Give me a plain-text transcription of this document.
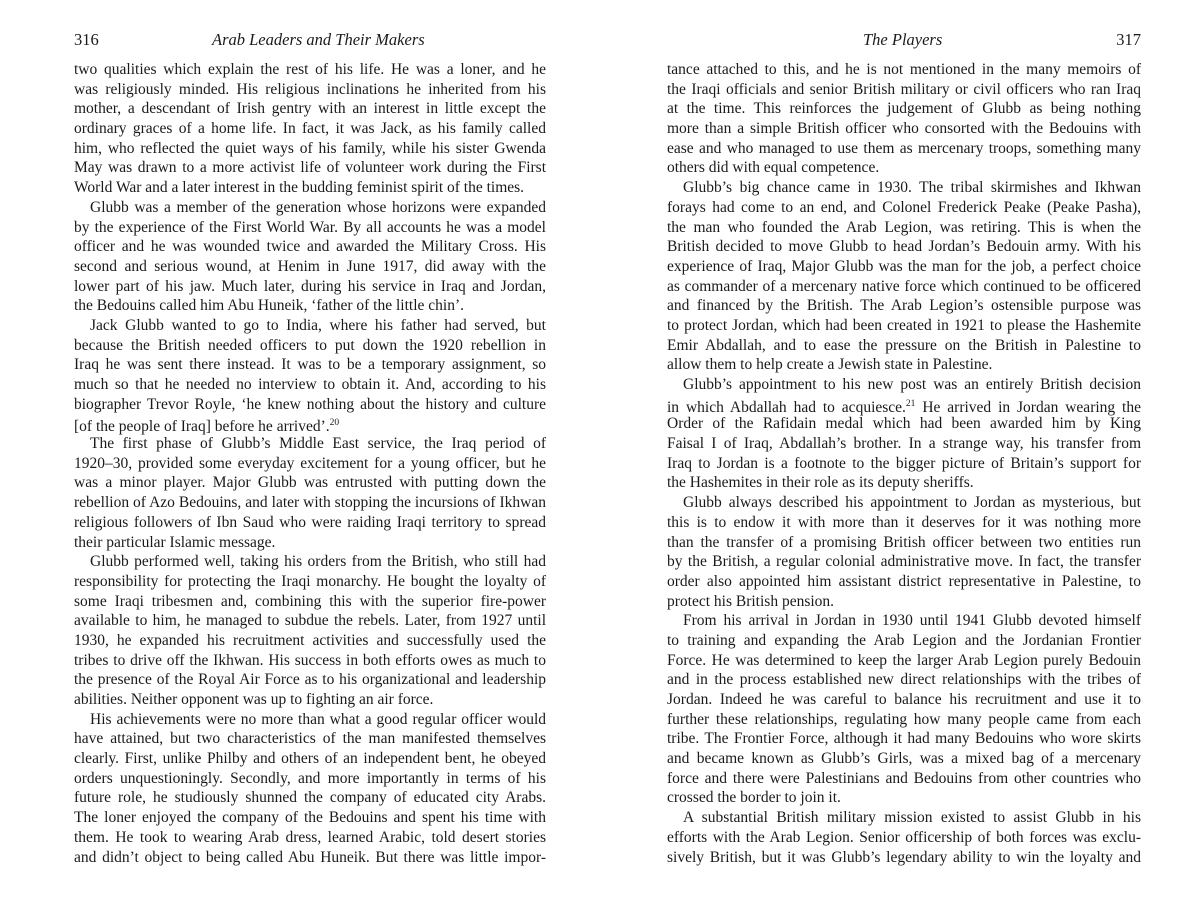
316	Arab Leaders and Their Makers
two qualities which explain the rest of his life. He was a loner, and he
was religiously minded. His religious inclinations he inherited from his
mother, a descendant of Irish gentry with an interest in little except the
ordinary graces of a home life. In fact, it was Jack, as his family called
him, who reflected the quiet ways of his family, while his sister Gwenda
May was drawn to a more activist life of volunteer work during the First
World War and a later interest in the budding feminist spirit of the times.
Glubb was a member of the generation whose horizons were expanded
by the experience of the First World War. By all accounts he was a model
officer and he was wounded twice and awarded the Military Cross. His
second and serious wound, at Henim in June 1917, did away with the
lower part of his jaw. Much later, during his service in Iraq and Jordan,
the Bedouins called him Abu Huneik, ‘father of the little chin’.
Jack Glubb wanted to go to India, where his father had served, but
because the British needed officers to put down the 1920 rebellion in
Iraq he was sent there instead. It was to be a temporary assignment, so
much so that he needed no interview to obtain it. And, according to his
biographer Trevor Royle, ‘he knew nothing about the history and culture
[of the people of Iraq] before he arrived’.$^{20}$
The first phase of Glubb’s Middle East service, the Iraq period of
1920–30, provided some everyday excitement for a young officer, but he
was a minor player. Major Glubb was entrusted with putting down the
rebellion of Azo Bedouins, and later with stopping the incursions of Ikhwan
religious followers of Ibn Saud who were raiding Iraqi territory to spread
their particular Islamic message.
Glubb performed well, taking his orders from the British, who still had
responsibility for protecting the Iraqi monarchy. He bought the loyalty of
some Iraqi tribesmen and, combining this with the superior fire-power
available to him, he managed to subdue the rebels. Later, from 1927 until
1930, he expanded his recruitment activities and successfully used the
tribes to drive off the Ikhwan. His success in both efforts owes as much to
the presence of the Royal Air Force as to his organizational and leadership
abilities. Neither opponent was up to fighting an air force.
His achievements were no more than what a good regular officer would
have attained, but two characteristics of the man manifested themselves
clearly. First, unlike Philby and others of an independent bent, he obeyed
orders unquestioningly. Secondly, and more importantly in terms of his
future role, he studiously shunned the company of educated city Arabs.
The loner enjoyed the company of the Bedouins and spent his time with
them. He took to wearing Arab dress, learned Arabic, told desert stories
and didn’t object to being called Abu Huneik. But there was little impor-
The Players	317
tance attached to this, and he is not mentioned in the many memoirs of
the Iraqi officials and senior British military or civil officers who ran Iraq
at the time. This reinforces the judgement of Glubb as being nothing
more than a simple British officer who consorted with the Bedouins with
ease and who managed to use them as mercenary troops, something many
others did with equal competence.
Glubb’s big chance came in 1930. The tribal skirmishes and Ikhwan
forays had come to an end, and Colonel Frederick Peake (Peake Pasha),
the man who founded the Arab Legion, was retiring. This is when the
British decided to move Glubb to head Jordan’s Bedouin army. With his
experience of Iraq, Major Glubb was the man for the job, a perfect choice
as commander of a mercenary native force which continued to be officered
and financed by the British. The Arab Legion’s ostensible purpose was
to protect Jordan, which had been created in 1921 to please the Hashemite
Emir Abdallah, and to ease the pressure on the British in Palestine to
allow them to help create a Jewish state in Palestine.
Glubb’s appointment to his new post was an entirely British decision
in which Abdallah had to acquiesce.$^{21}$ He arrived in Jordan wearing the
Order of the Rafidain medal which had been awarded him by King
Faisal I of Iraq, Abdallah’s brother. In a strange way, his transfer from
Iraq to Jordan is a footnote to the bigger picture of Britain’s support for
the Hashemites in their role as its deputy sheriffs.
Glubb always described his appointment to Jordan as mysterious, but
this is to endow it with more than it deserves for it was nothing more
than the transfer of a promising British officer between two entities run
by the British, a regular colonial administrative move. In fact, the transfer
order also appointed him assistant district representative in Palestine, to
protect his British pension.
From his arrival in Jordan in 1930 until 1941 Glubb devoted himself
to training and expanding the Arab Legion and the Jordanian Frontier
Force. He was determined to keep the larger Arab Legion purely Bedouin
and in the process established new direct relationships with the tribes of
Jordan. Indeed he was careful to balance his recruitment and use it to
further these relationships, regulating how many people came from each
tribe. The Frontier Force, although it had many Bedouins who wore skirts
and became known as Glubb’s Girls, was a mixed bag of a mercenary
force and there were Palestinians and Bedouins from other countries who
crossed the border to join it.
A substantial British military mission existed to assist Glubb in his
efforts with the Arab Legion. Senior officership of both forces was exclu-
sively British, but it was Glubb’s legendary ability to win the loyalty and
